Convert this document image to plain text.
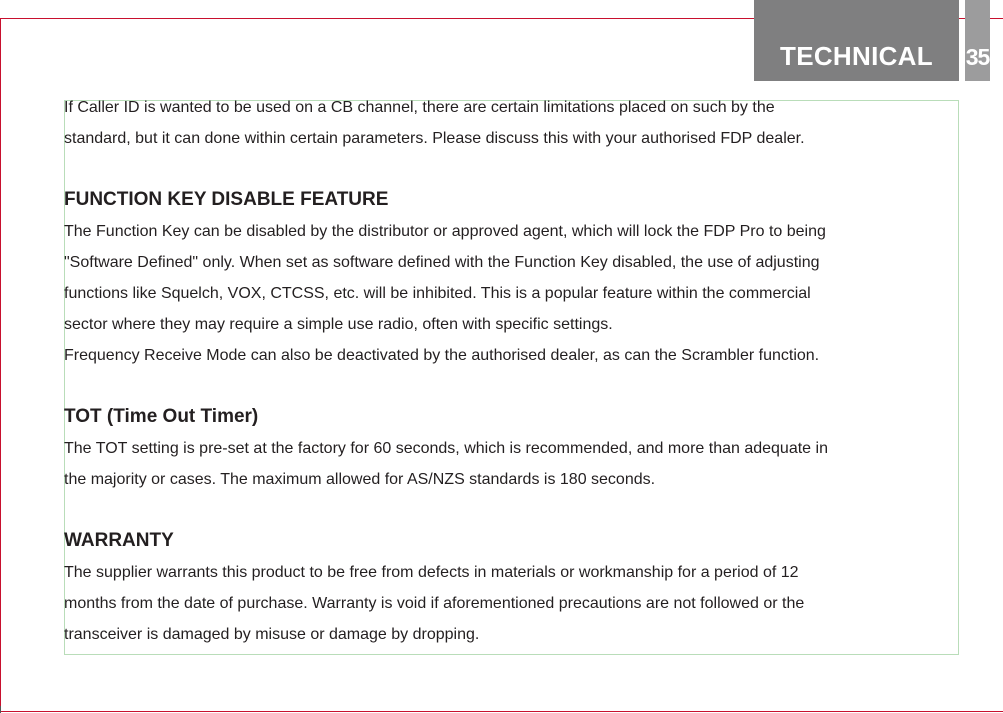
TECHNICAL 35
If Caller ID is wanted to be used on a CB channel, there are certain limitations placed on such by the
standard, but it can done within certain parameters. Please discuss this with your authorised FDP dealer.
FUNCTION KEY DISABLE FEATURE
The Function Key can be disabled by the distributor or approved agent, which will lock the FDP Pro to being
"Software Defined" only. When set as software defined with the Function Key disabled, the use of adjusting
functions like Squelch, VOX, CTCSS, etc. will be inhibited. This is a popular feature within the commercial
sector where they may require a simple use radio, often with specific settings.
Frequency Receive Mode can also be deactivated by the authorised dealer, as can the Scrambler function.
TOT (Time Out Timer)
The TOT setting is pre-set at the factory for 60 seconds, which is recommended, and more than adequate in
the majority or cases. The maximum allowed for AS/NZS standards is 180 seconds.
WARRANTY
The supplier warrants this product to be free from defects in materials or workmanship for a period of 12
months from the date of purchase. Warranty is void if aforementioned precautions are not followed or the
transceiver is damaged by misuse or damage by dropping.
